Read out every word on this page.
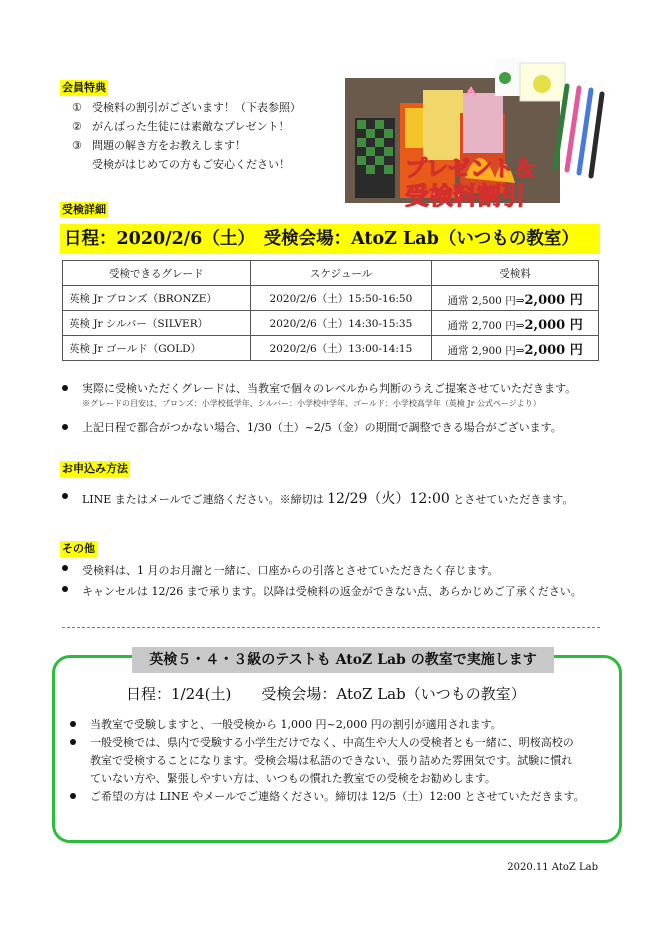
会員特典
① 受検料の割引がございます！（下表参照）
② がんばった生徒には素敵なプレゼント！
③ 問題の解き方をお教えします！
受検がはじめての方もご安心ください！	プレゼント＆
受検料割引
受検詳細
日程：2020/2/6（土）　受検会場：AtoZ Lab（いつもの教室）
受検できるグレード	スケジュール	受検料
英検 Jr ブロンズ（BRONZE）	2020/2/6（土）15:50-16:50	通常 2,500 円⇒2,000 円
英検 Jr シルバー（SILVER）	2020/2/6（土）14:30-15:35	通常 2,700 円⇒2,000 円
英検 Jr ゴールド（GOLD）	2020/2/6（土）13:00-14:15	通常 2,900 円⇒2,000 円
実際に受検いただくグレードは、当教室で個々のレベルから判断のうえご提案させていただきます。
※グレードの目安は、ブロンズ：小学校低学年、シルバー：小学校中学年、ゴールド：小学校高学年（英検 Jr 公式ページより）
上記日程で都合がつかない場合、1/30（土）~2/5（金）の期間で調整できる場合がございます。
お申込み方法
LINE またはメールでご連絡ください。※締切は 12/29（火）12:00 とさせていただきます。
その他
受検料は、1 月のお月謝と一緒に、口座からの引落とさせていただきたく存じます。
キャンセルは 12/26 まで承ります。以降は受検料の返金ができない点、あらかじめご了承ください。
英検５・４・３級のテストも AtoZ Lab の教室で実施します
日程：1/24(土)　　受検会場：AtoZ Lab（いつもの教室）
当教室で受験しますと、一般受検から 1,000 円~2,000 円の割引が適用されます。
一般受検では、県内で受験する小学生だけでなく、中高生や大人の受検者とも一緒に、明桜高校の
教室で受検することになります。受検会場は私語のできない、張り詰めた雰囲気です。試験に慣れ
ていない方や、緊張しやすい方は、いつもの慣れた教室での受検をお勧めします。
ご希望の方は LINE やメールでご連絡ください。締切は 12/5（土）12:00 とさせていただきます。
2020.11 AtoZ Lab
